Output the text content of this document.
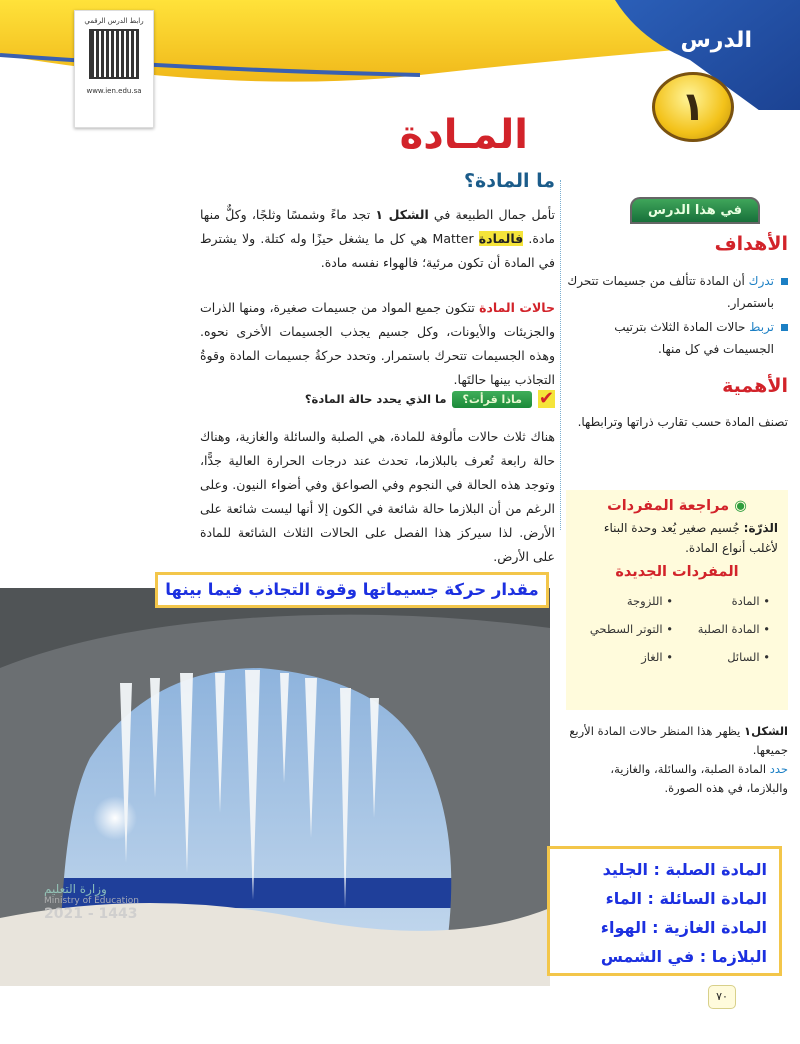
رابط الدرس الرقمي
www.ien.edu.sa
الدرس
١
المـادة
ما المادة؟

تأمل جمال الطبيعة في الشكل ١ تجد ماءً وشمسًا وثلجًا، وكلٌّ منها مادة. فالمادة Matter هي كل ما يشغل حيزًا وله كتلة. ولا يشترط في المادة أن تكون مرئية؛ فالهواء نفسه مادة.

حالات المادة تتكون جميع المواد من جسيمات صغيرة، ومنها الذرات والجزيئات والأيونات، وكل جسيم يجذب الجسيمات الأخرى نحوه. وهذه الجسيمات تتحرك باستمرار. وتحدد حركةُ جسيمات المادة وقوةُ التجاذب بينها حالتَها.

✔
ماذا قرأت؟
ما الذي يحدد حالة المادة؟

هناك ثلاث حالات مألوفة للمادة، هي الصلبة والسائلة والغازية، وهناك حالة رابعة تُعرف بالبلازما، تحدث عند درجات الحرارة العالية جدًّا، وتوجد هذه الحالة في النجوم وفي الصواعق وفي أضواء النيون. وعلى الرغم من أن البلازما حالة شائعة في الكون إلا أنها ليست شائعة على الأرض. لذا سيركز هذا الفصل على الحالات الثلاث الشائعة للمادة على الأرض.

في هذا الدرس
الأهداف
تدرك أن المادة تتألف من جسيمات تتحرك باستمرار.
تربط حالات المادة الثلاث بترتيب الجسيمات في كل منها.
الأهمية

تصنف المادة حسب تقارب ذراتها وترابطها.

◉ مراجعة المفردات

الذرّة: جُسيم صغير يُعد وحدة البناء لأغلب أنواع المادة.

المفردات الجديدة
• المادة
• اللزوجة
• المادة الصلبة
• التوتر السطحي
• السائل
• الغاز

الشكل١ يظهر هذا المنظر حالات المادة الأربع جميعها.
حدد المادة الصلبة، والسائلة، والغازية، والبلازما، في هذه الصورة.

وزارة التعليم
Ministry of Education
2021 - 1443
مقدار حركة جسيماتها وقوة التجاذب فيما بينها
المادة الصلبة : الجليد
المادة السائلة : الماء
المادة الغازية : الهواء
البلازما : في الشمس
٧٠
